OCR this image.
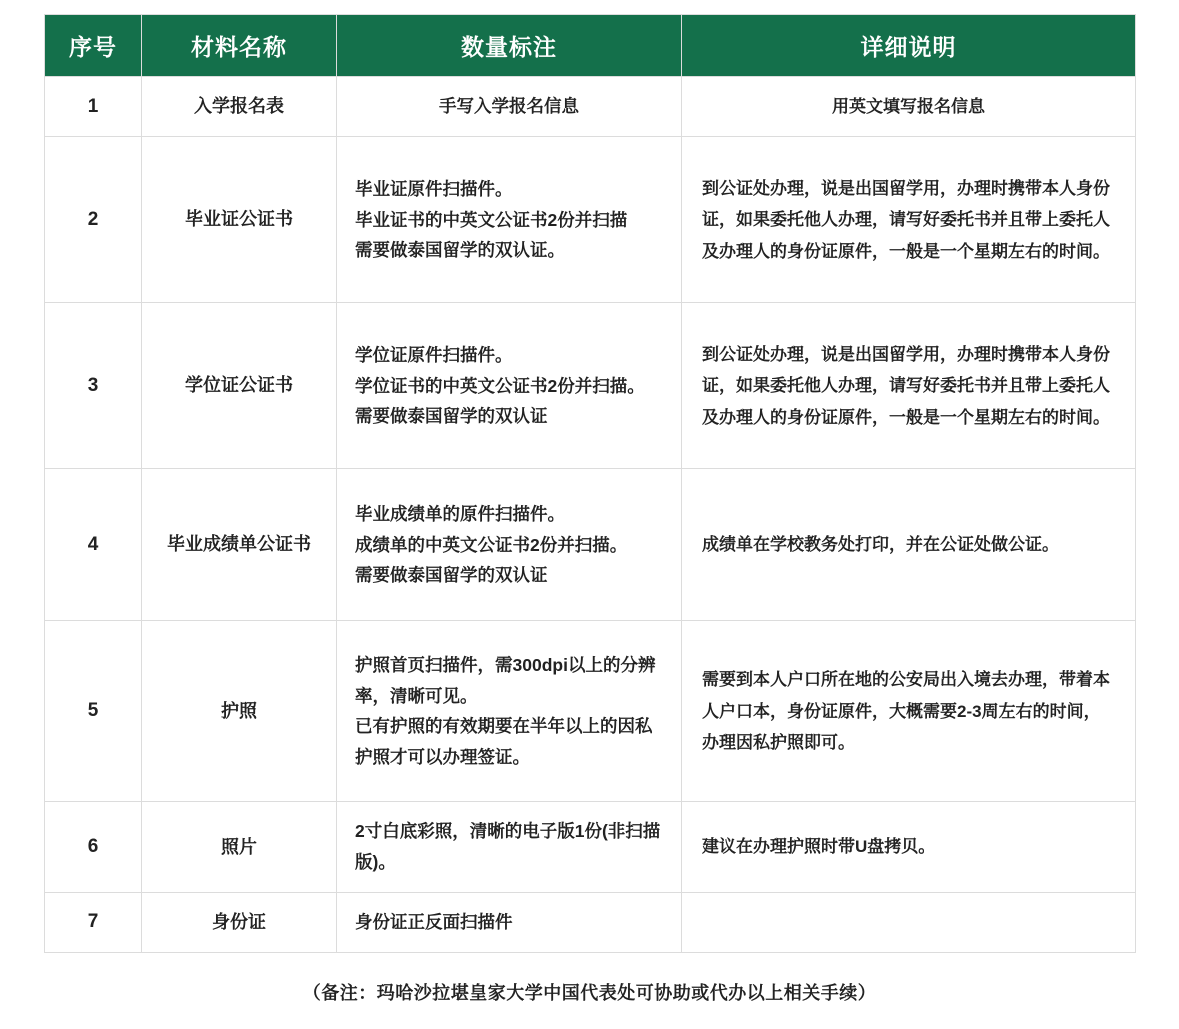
序号	材料名称	数量标注	详细说明
1	入学报名表	手写入学报名信息	用英文填写报名信息

2	毕业证公证书	毕业证原件扫描件。
毕业证书的中英文公证书2份并扫描
需要做泰国留学的双认证。	到公证处办理，说是出国留学用，办理时携带本人身份证，如果委托他人办理，请写好委托书并且带上委托人及办理人的身份证原件，一般是一个星期左右的时间。

3	学位证公证书	学位证原件扫描件。
学位证书的中英文公证书2份并扫描。
需要做泰国留学的双认证	到公证处办理，说是出国留学用，办理时携带本人身份证，如果委托他人办理，请写好委托书并且带上委托人及办理人的身份证原件，一般是一个星期左右的时间。

4	毕业成绩单公证书	毕业成绩单的原件扫描件。
成绩单的中英文公证书2份并扫描。
需要做泰国留学的双认证	成绩单在学校教务处打印，并在公证处做公证。

5	护照	护照首页扫描件，需300dpi以上的分辨率，清晰可见。
已有护照的有效期要在半年以上的因私护照才可以办理签证。	需要到本人户口所在地的公安局出入境去办理，带着本人户口本，身份证原件，大概需要2-3周左右的时间，办理因私护照即可。

6	照片	2寸白底彩照，清晰的电子版1份(非扫描版)。	建议在办理护照时带U盘拷贝。

7	身份证	身份证正反面扫描件	

（备注：玛哈沙拉堪皇家大学中国代表处可协助或代办以上相关手续）
